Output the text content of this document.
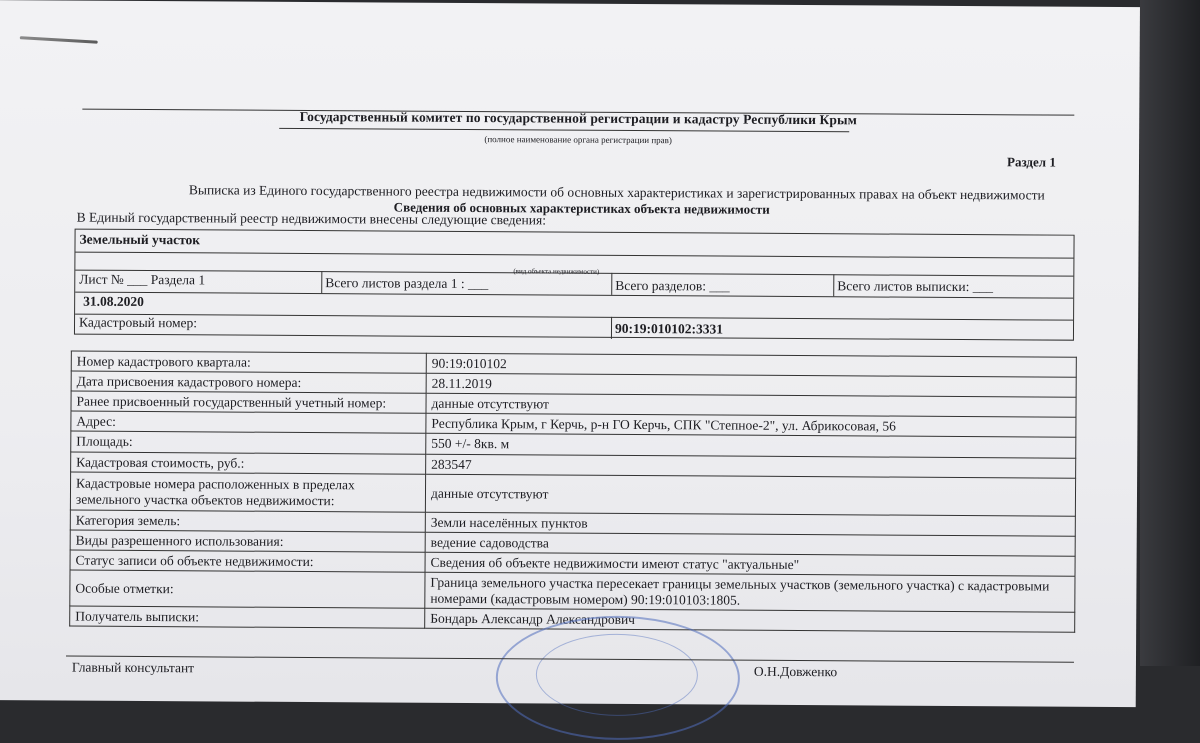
Государственный комитет по государственной регистрации и кадастру Республики Крым
(полное наименование органа регистрации прав)
Раздел 1
Выписка из Единого государственного реестра недвижимости об основных характеристиках и зарегистрированных правах на объект недвижимости
Сведения об основных характеристиках объекта недвижимости
В Единый государственный реестр недвижимости внесены следующие сведения:
Земельный участок
(вид объекта недвижимости)
Лист № ___ Раздела 1	Всего листов раздела 1 : ___	Всего разделов: ___	Всего листов выписки: ___
31.08.2020
Кадастровый номер:	90:19:010102:3331
Номер кадастрового квартала:	90:19:010102
Дата присвоения кадастрового номера:	28.11.2019
Ранее присвоенный государственный учетный номер:	данные отсутствуют
Адрес:	Республика Крым, г Керчь, р-н ГО Керчь, СПК "Степное-2", ул. Абрикосовая, 56
Площадь:	550 +/- 8кв. м
Кадастровая стоимость, руб.:	283547
Кадастровые номера расположенных в пределах земельного участка объектов недвижимости:	данные отсутствуют
Категория земель:	Земли населённых пунктов
Виды разрешенного использования:	ведение садоводства
Статус записи об объекте недвижимости:	Сведения об объекте недвижимости имеют статус "актуальные"
Особые отметки:	Граница земельного участка пересекает границы земельных участков (земельного участка) с кадастровыми номерами (кадастровым номером) 90:19:010103:1805.
Получатель выписки:	Бондарь Александр Александрович
Главный консультант	О.Н.Довженко
